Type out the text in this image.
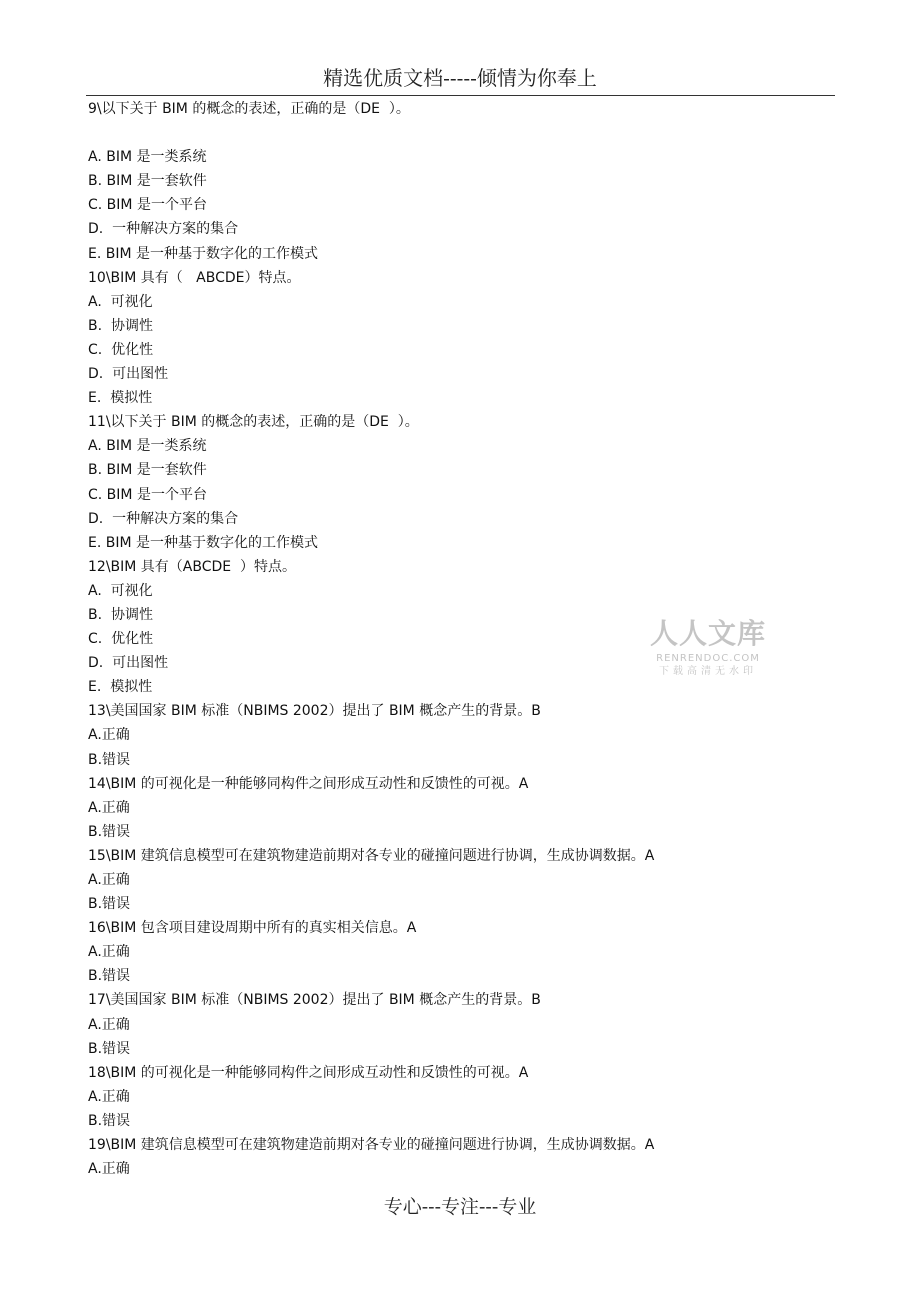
精选优质文档-----倾情为你奉上
9\以下关于 BIM 的概念的表述，正确的是（DE  ）。
A. BIM 是一类系统
B. BIM 是一套软件
C. BIM 是一个平台
D.  一种解决方案的集合
E. BIM 是一种基于数字化的工作模式
10\BIM 具有（   ABCDE）特点。
A.  可视化
B.  协调性
C.  优化性
D.  可出图性
E.  模拟性
11\以下关于 BIM 的概念的表述，正确的是（DE  ）。
A. BIM 是一类系统
B. BIM 是一套软件
C. BIM 是一个平台
D.  一种解决方案的集合
E. BIM 是一种基于数字化的工作模式
12\BIM 具有（ABCDE  ）特点。
A.  可视化
B.  协调性
C.  优化性
D.  可出图性
E.  模拟性
13\美国国家 BIM 标准（NBIMS 2002）提出了 BIM 概念产生的背景。B
A.正确
B.错误
14\BIM 的可视化是一种能够同构件之间形成互动性和反馈性的可视。A
A.正确
B.错误
15\BIM 建筑信息模型可在建筑物建造前期对各专业的碰撞问题进行协调，生成协调数据。A
A.正确
B.错误
16\BIM 包含项目建设周期中所有的真实相关信息。A
A.正确
B.错误
17\美国国家 BIM 标准（NBIMS 2002）提出了 BIM 概念产生的背景。B
A.正确
B.错误
18\BIM 的可视化是一种能够同构件之间形成互动性和反馈性的可视。A
A.正确
B.错误
19\BIM 建筑信息模型可在建筑物建造前期对各专业的碰撞问题进行协调，生成协调数据。A
A.正确
人人文库
RENRENDOC.COM
下载高清无水印
专心---专注---专业
